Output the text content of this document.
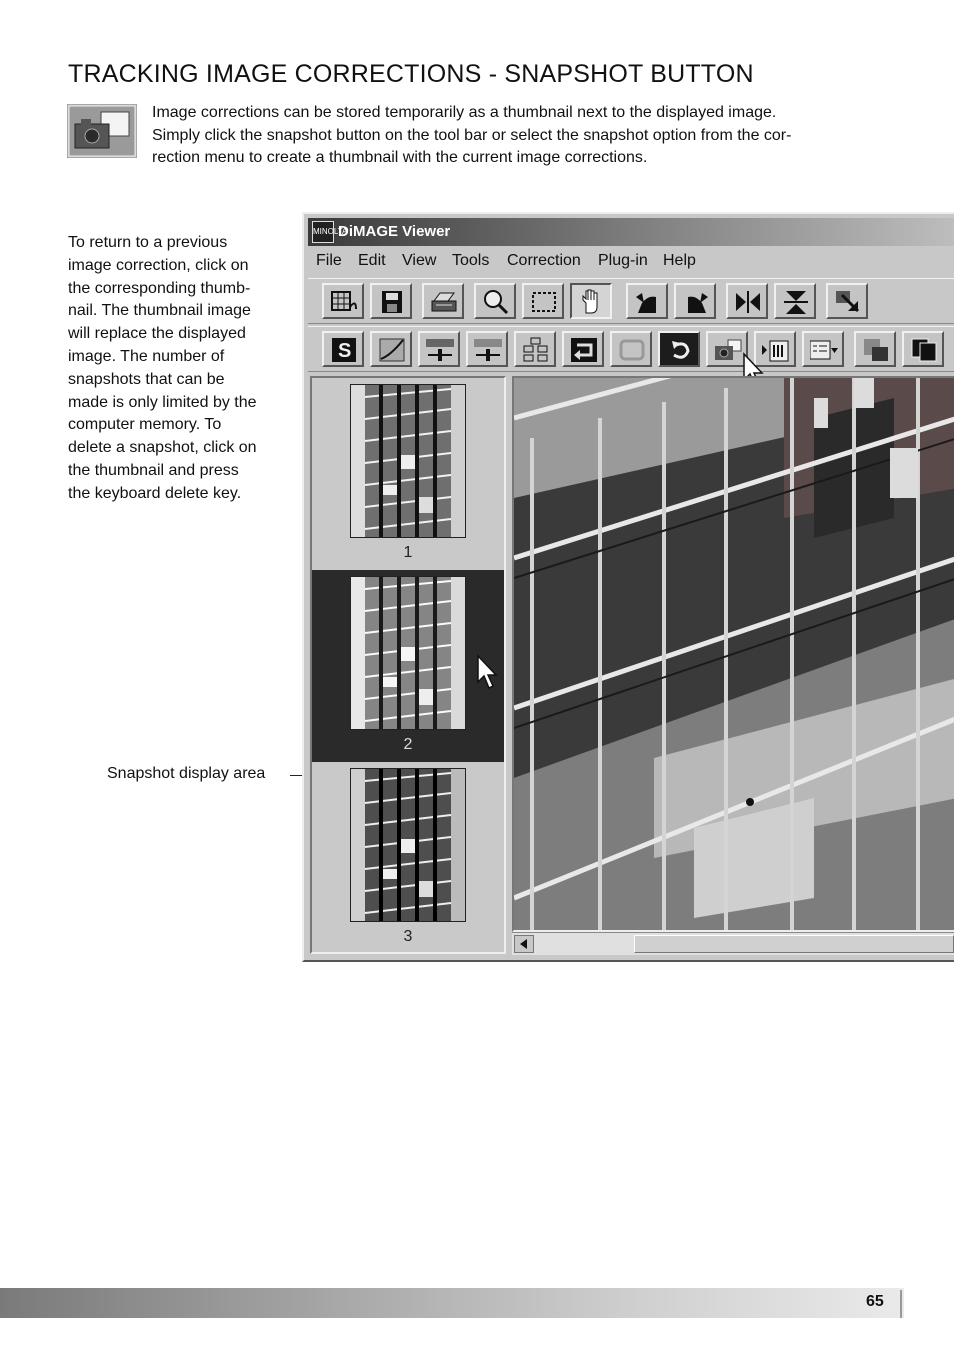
TRACKING IMAGE CORRECTIONS - SNAPSHOT BUTTON
Image corrections can be stored temporarily as a thumbnail next to the displayed image.
Simply click the snapshot button on the tool bar or select the snapshot option from the cor-
rection menu to create a thumbnail with the current image corrections.
To return to a previous
image correction, click on
the corresponding thumb-
nail. The thumbnail image
will replace the displayed
image. The number of
snapshots that can be
made is only limited by the
computer memory. To
delete a snapshot, click on
the thumbnail and press
the keyboard delete key.
Snapshot display area
MINOLTA
DiMAGE Viewer
File Edit View Tools Correction Plug-in Help
S
1
2
3
65
